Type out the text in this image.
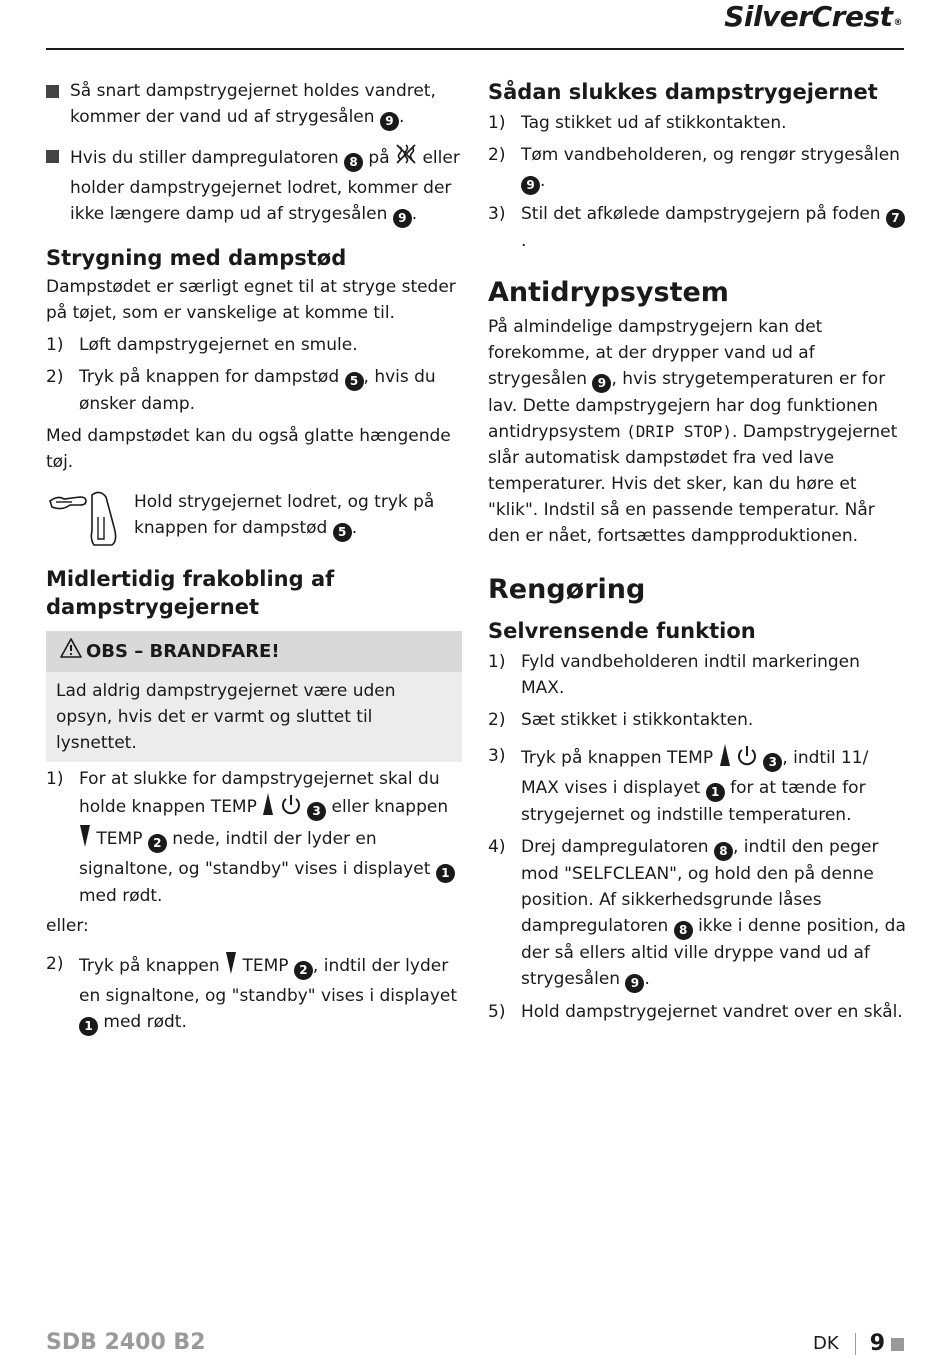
SilverCrest®
Så snart dampstrygejernet holdes vandret, kommer der vand ud af strygesålen 9 .
Hvis du stiller dampregulatoren 8 på eller holder dampstrygejernet lodret, kommer der ikke længere damp ud af strygesålen 9 .
Strygning med dampstød

Dampstødet er særligt egnet til at stryge steder på tøjet, som er vanskelige at komme til.

1) Løft dampstrygejernet en smule.
2) Tryk på knappen for dampstød 5 , hvis du ønsker damp.

Med dampstødet kan du også glatte hængende tøj.

Hold strygejernet lodret, og tryk på knappen for dampstød 5 .
Midlertidig frakobling af dampstrygejernet
OBS – BRANDFARE!
Lad aldrig dampstrygejernet være uden opsyn, hvis det er varmt og sluttet til lysnettet.
1) For at slukke for dampstrygejernet skal du holde knappen TEMP	3 eller knappen  TEMP 2 nede, indtil der lyder en signaltone, og "standby" vises i displayet 1 med rødt.

eller:

2) Tryk på knappen TEMP 2 , indtil der lyder en signaltone, og "standby" vises i displayet 1 med rødt.
Sådan slukkes dampstrygejernet
1) Tag stikket ud af stikkontakten.
2) Tøm vandbeholderen, og rengør strygesålen 9 .
3) Stil det afkølede dampstrygejern på foden 7.
Antidrypsystem

På almindelige dampstrygejern kan det forekomme, at der drypper vand ud af strygesålen 9 , hvis strygetemperaturen er for lav. Dette dampstrygejern har dog funktionen antidrypsystem (DRIP STOP). Dampstrygejernet slår automatisk dampstødet fra ved lave temperaturer. Hvis det sker, kan du høre et "klik". Indstil så en passende temperatur. Når den er nået, fortsættes dampproduktionen.

Rengøring
Selvrensende funktion
1) Fyld vandbeholderen indtil markeringen MAX.
2) Sæt stikket i stikkontakten.
3) Tryk på knappen TEMP	3 , indtil 11/ MAX vises i displayet 1 for at tænde for strygejernet og indstille temperaturen.
4) Drej dampregulatoren 8 , indtil den peger mod "SELFCLEAN", og hold den på denne position. Af sikkerhedsgrunde låses dampregulatoren 8 ikke i denne position, da der så ellers altid ville dryppe vand ud af strygesålen 9 .
5) Hold dampstrygejernet vandret over en skål.
SDB 2400 B2	DK 9
